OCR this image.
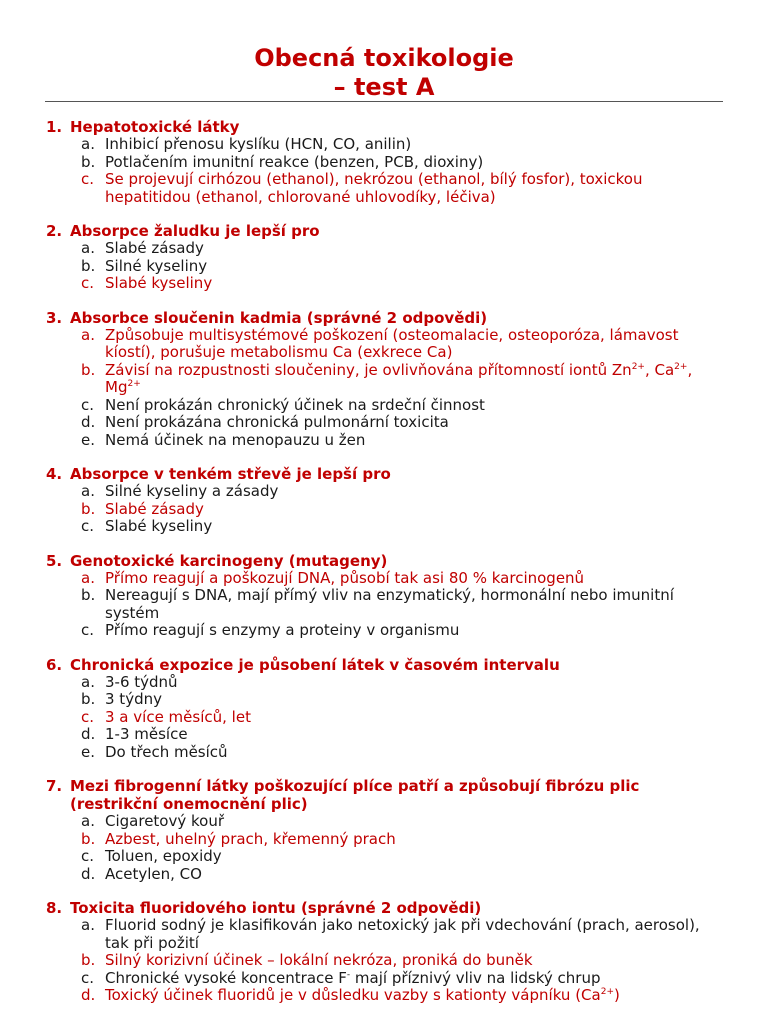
Obecná toxikologie
– test A
1. Hepatotoxické látky
a. Inhibicí přenosu kyslíku (HCN, CO, anilin)
b. Potlačením imunitní reakce (benzen, PCB, dioxiny)
c. Se projevují cirhózou (ethanol), nekrózou (ethanol, bílý fosfor), toxickou hepatitidou (ethanol, chlorované uhlovodíky, léčiva)
2. Absorpce žaludku je lepší pro
a. Slabé zásady
b. Silné kyseliny
c. Slabé kyseliny
3. Absorbce sloučenin kadmia (správné 2 odpovědi)
a. Způsobuje multisystémové poškození (osteomalacie, osteoporóza, lámavost kíostí), porušuje metabolismu Ca (exkrece Ca)
b. Závisí na rozpustnosti sloučeniny, je ovlivňována přítomností iontů $Zn^{2+}$, $Ca^{2+}$, $Mg^{2+}$
c. Není prokázán chronický účinek na srdeční činnost
d. Není prokázána chronická pulmonární toxicita
e. Nemá účinek na menopauzu u žen
4. Absorpce v tenkém střevě je lepší pro
a. Silné kyseliny a zásady
b. Slabé zásady
c. Slabé kyseliny
5. Genotoxické karcinogeny (mutageny)
a. Přímo reagují a poškozují DNA, působí tak asi 80 % karcinogenů
b. Nereagují s DNA, mají přímý vliv na enzymatický, hormonální nebo imunitní systém
c. Přímo reagují s enzymy a proteiny v organismu
6. Chronická expozice je působení látek v časovém intervalu
a. 3-6 týdnů
b. 3 týdny
c. 3 a více měsíců, let
d. 1-3 měsíce
e. Do třech měsíců
7. Mezi fibrogenní látky poškozující plíce patří a způsobují fibrózu plic (restrikční onemocnění plic)
a. Cigaretový kouř
b. Azbest, uhelný prach, křemenný prach
c. Toluen, epoxidy
d. Acetylen, CO
8. Toxicita fluoridového iontu (správné 2 odpovědi)
a. Fluorid sodný je klasifikován jako netoxický jak při vdechování (prach, aerosol), tak při požití
b. Silný korizivní účinek – lokální nekróza, proniká do buněk
c. Chronické vysoké koncentrace F- mají příznivý vliv na lidský chrup
d. Toxický účinek fluoridů je v důsledku vazby s kationty vápníku $(Ca^{2+})$
